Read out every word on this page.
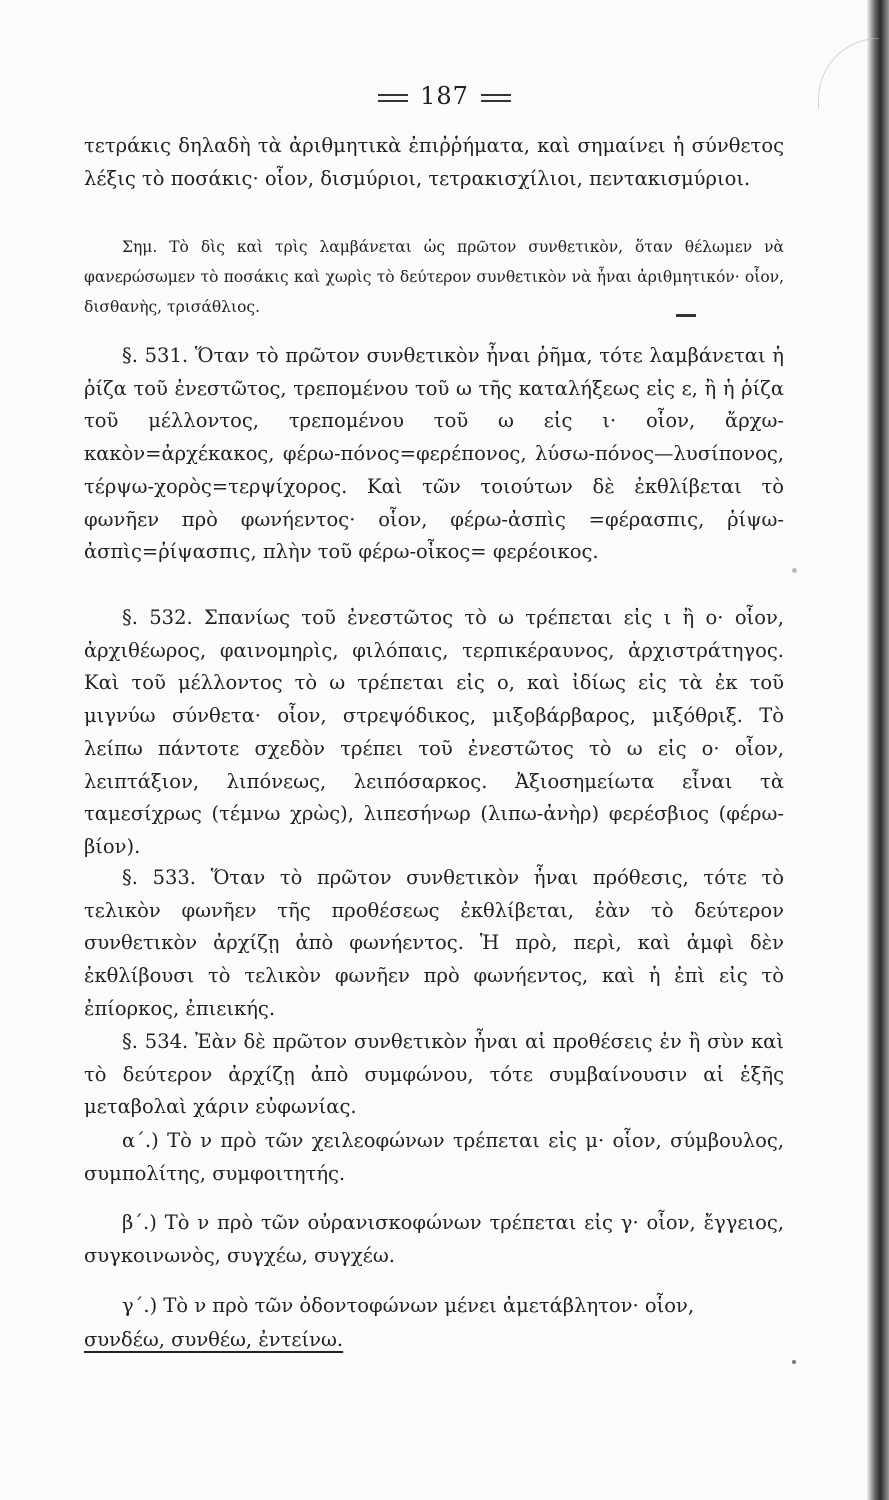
187

τετράκις δηλαδὴ τὰ ἀριθμητικὰ ἐπιῤῥήματα, καὶ σημαίνει ἡ σύνθετος λέξις τὸ ποσάκις· οἷον, δισμύριοι, τετρακισχίλιοι, πεντακισμύριοι.

Σημ. Τὸ δὶς καὶ τρὶς λαμβάνεται ὡς πρῶτον συνθετικὸν, ὅταν θέλωμεν νὰ φανερώσωμεν τὸ ποσάκις καὶ χωρὶς τὸ δεύτερον συνθετικὸν νὰ ἦναι ἀριθμητικόν· οἷον, δισθανὴς, τρισάθλιος.

§. 531. Ὅταν τὸ πρῶτον συνθετικὸν ἦναι ῥῆμα, τότε λαμβάνεται ἡ ῥίζα τοῦ ἐνεστῶτος, τρεπομένου τοῦ ω τῆς καταλήξεως εἰς ε, ἢ ἡ ῥίζα τοῦ μέλλοντος, τρεπομένου τοῦ ω εἰς ι· οἷον, ἄρχω-κακὸν=ἀρχέκακος, φέρω-πόνος=φερέπονος, λύσω-πόνος—λυσίπονος, τέρψω-χορὸς=τερψίχορος. Καὶ τῶν τοιούτων δὲ ἐκθλίβεται τὸ φωνῆεν πρὸ φωνήεντος· οἷον, φέρω-ἀσπὶς =φέρασπις, ῥίψω-ἀσπὶς=ῥίψασπις, πλὴν τοῦ φέρω-οἶκος= φερέοικος.

§. 532. Σπανίως τοῦ ἐνεστῶτος τὸ ω τρέπεται εἰς ι ἢ ο· οἷον, ἀρχιθέωρος, φαινομηρὶς, φιλόπαις, τερπικέραυνος, ἀρχιστράτηγος. Καὶ τοῦ μέλλοντος τὸ ω τρέπεται εἰς ο, καὶ ἰδίως εἰς τὰ ἐκ τοῦ μιγνύω σύνθετα· οἷον, στρεψόδικος, μιξοβάρβαρος, μιξόθριξ. Τὸ λείπω πάντοτε σχεδὸν τρέπει τοῦ ἐνεστῶτος τὸ ω εἰς ο· οἷον, λειπτάξιον, λιπόνεως, λειπόσαρκος. Ἀξιοσημείωτα εἶναι τὰ ταμεσίχρως (τέμνω χρὼς), λιπεσήνωρ (λιπω-ἀνὴρ) φερέσβιος (φέρω-βίον).

§. 533. Ὅταν τὸ πρῶτον συνθετικὸν ἦναι πρόθεσις, τότε τὸ τελικὸν φωνῆεν τῆς προθέσεως ἐκθλίβεται, ἐὰν τὸ δεύτερον συνθετικὸν ἀρχίζῃ ἀπὸ φωνήεντος. Ἡ πρὸ, περὶ, καὶ ἀμφὶ δὲν ἐκθλίβουσι τὸ τελικὸν φωνῆεν πρὸ φωνήεντος, καὶ ἡ ἐπὶ εἰς τὸ ἐπίορκος, ἐπιεικής.

§. 534. Ἐὰν δὲ πρῶτον συνθετικὸν ἦναι αἱ προθέσεις ἐν ἢ σὺν καὶ τὸ δεύτερον ἀρχίζῃ ἀπὸ συμφώνου, τότε συμβαίνουσιν αἱ ἑξῆς μεταβολαὶ χάριν εὐφωνίας.

α΄.) Τὸ ν πρὸ τῶν χειλεοφώνων τρέπεται εἰς μ· οἷον, σύμβουλος, συμπολίτης, συμφοιτητής.

β΄.) Τὸ ν πρὸ τῶν οὐρανισκοφώνων τρέπεται εἰς γ· οἷον, ἔγγειος, συγκοινωνὸς, συγχέω, συγχέω.

γ΄.) Τὸ ν πρὸ τῶν ὀδοντοφώνων μένει ἀμετάβλητον· οἷον,

συνδέω, συνθέω, ἐντείνω.
